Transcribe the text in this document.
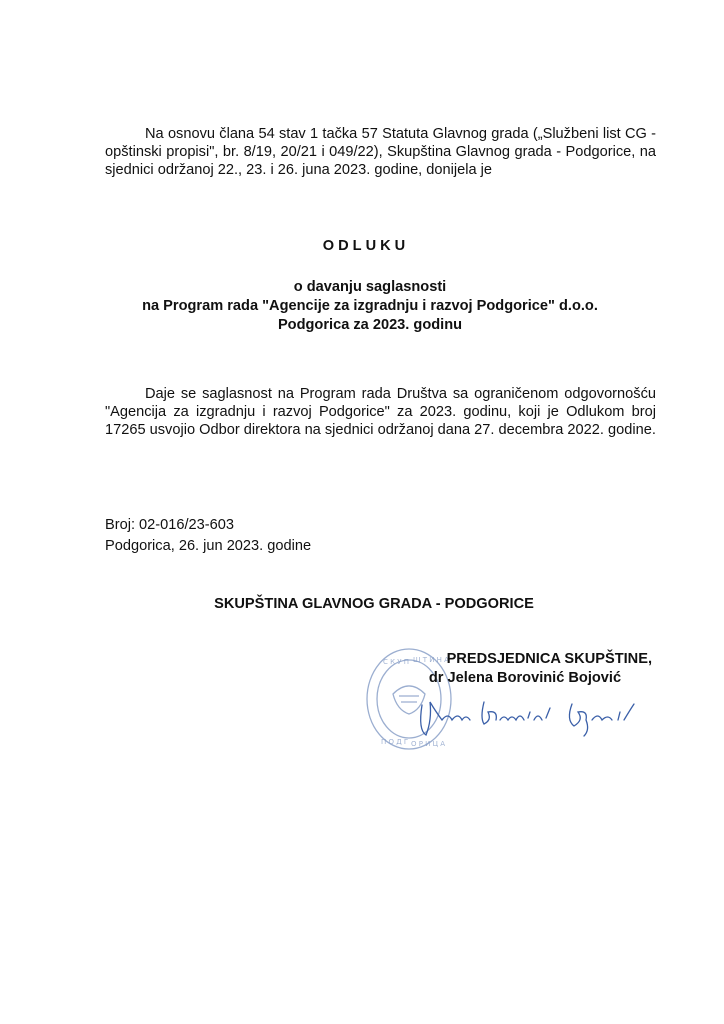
Na osnovu člana 54 stav 1 tačka 57 Statuta Glavnog grada („Službeni list CG - opštinski propisi", br. 8/19, 20/21 i 049/22), Skupština Glavnog grada - Podgorice, na sjednici održanoj 22., 23. i 26. juna 2023. godine, donijela je
ODLUKU
o davanju saglasnosti
na Program rada "Agencije za izgradnju i razvoj Podgorice" d.o.o.
Podgorica za 2023. godinu
Daje se saglasnost na Program rada Društva sa ograničenom odgovornošću "Agencija za izgradnju i razvoj Podgorice" za 2023. godinu, koji je Odlukom broj 17265 usvojio Odbor direktora na sjednici održanoj dana 27. decembra 2022. godine.
Broj: 02-016/23-603
Podgorica, 26. jun 2023. godine
SKUPŠTINA GLAVNOG GRADA - PODGORICE
С К У П Ш Т И Н А
П О Д Г О Р И Ц А
PREDSJEDNICA SKUPŠTINE,
dr Jelena Borovinić Bojović
